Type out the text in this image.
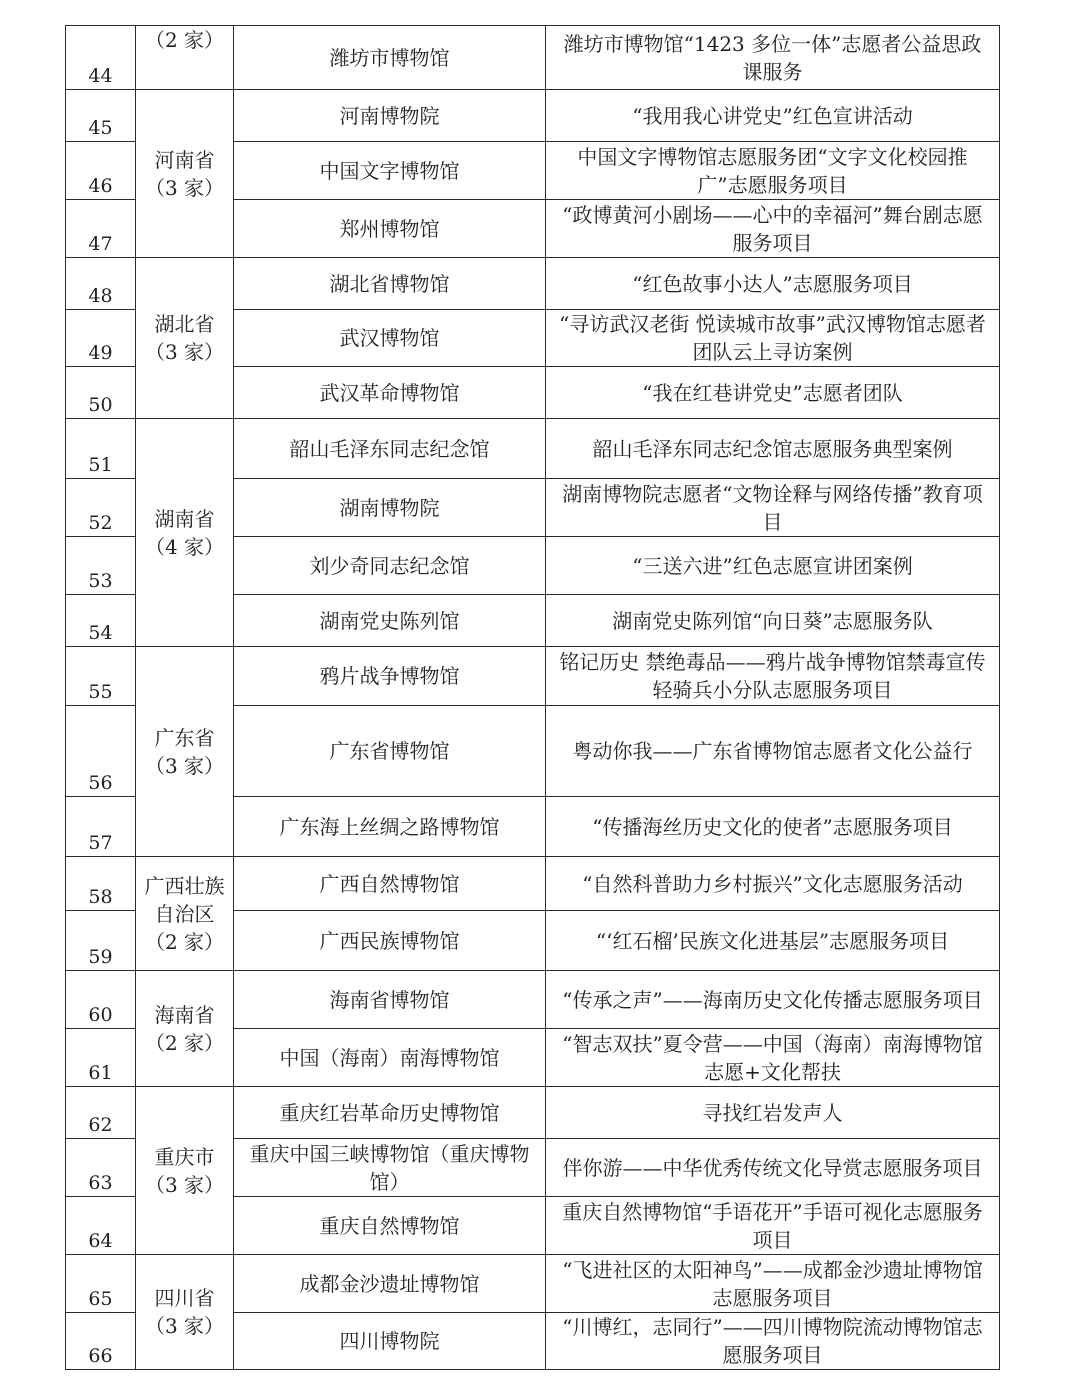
44	（2 家）	潍坊市博物馆	潍坊市博物馆“1423 多位一体”志愿者公益思政课服务
45	河南省（3 家）	河南博物院	“我用我心讲党史”红色宣讲活动
46		中国文字博物馆	中国文字博物馆志愿服务团“文字文化校园推广”志愿服务项目
47		郑州博物馆	“政博黄河小剧场——心中的幸福河”舞台剧志愿服务项目
48	湖北省（3 家）	湖北省博物馆	“红色故事小达人”志愿服务项目
49		武汉博物馆	“寻访武汉老街 悦读城市故事”武汉博物馆志愿者团队云上寻访案例
50		武汉革命博物馆	“我在红巷讲党史”志愿者团队
51	湖南省（4 家）	韶山毛泽东同志纪念馆	韶山毛泽东同志纪念馆志愿服务典型案例
52		湖南博物院	湖南博物院志愿者“文物诠释与网络传播”教育项目
53		刘少奇同志纪念馆	“三送六进”红色志愿宣讲团案例
54		湖南党史陈列馆	湖南党史陈列馆“向日葵”志愿服务队
55	广东省（3 家）	鸦片战争博物馆	铭记历史 禁绝毒品——鸦片战争博物馆禁毒宣传轻骑兵小分队志愿服务项目
56		广东省博物馆	粤动你我——广东省博物馆志愿者文化公益行
57		广东海上丝绸之路博物馆	“传播海丝历史文化的使者”志愿服务项目
58	广西壮族自治区（2 家）	广西自然博物馆	“自然科普助力乡村振兴”文化志愿服务活动
59		广西民族博物馆	“‘红石榴’民族文化进基层”志愿服务项目
60	海南省（2 家）	海南省博物馆	“传承之声”——海南历史文化传播志愿服务项目
61		中国（海南）南海博物馆	“智志双扶”夏令营——中国（海南）南海博物馆 志愿+文化帮扶
62	重庆市（3 家）	重庆红岩革命历史博物馆	寻找红岩发声人
63		重庆中国三峡博物馆（重庆博物馆）	伴你游——中华优秀传统文化导赏志愿服务项目
64		重庆自然博物馆	重庆自然博物馆“手语花开”手语可视化志愿服务项目
65	四川省（3 家）	成都金沙遗址博物馆	“飞进社区的太阳神鸟”——成都金沙遗址博物馆志愿服务项目
66		四川博物院	“川博红，志同行”——四川博物院流动博物馆志愿服务项目
